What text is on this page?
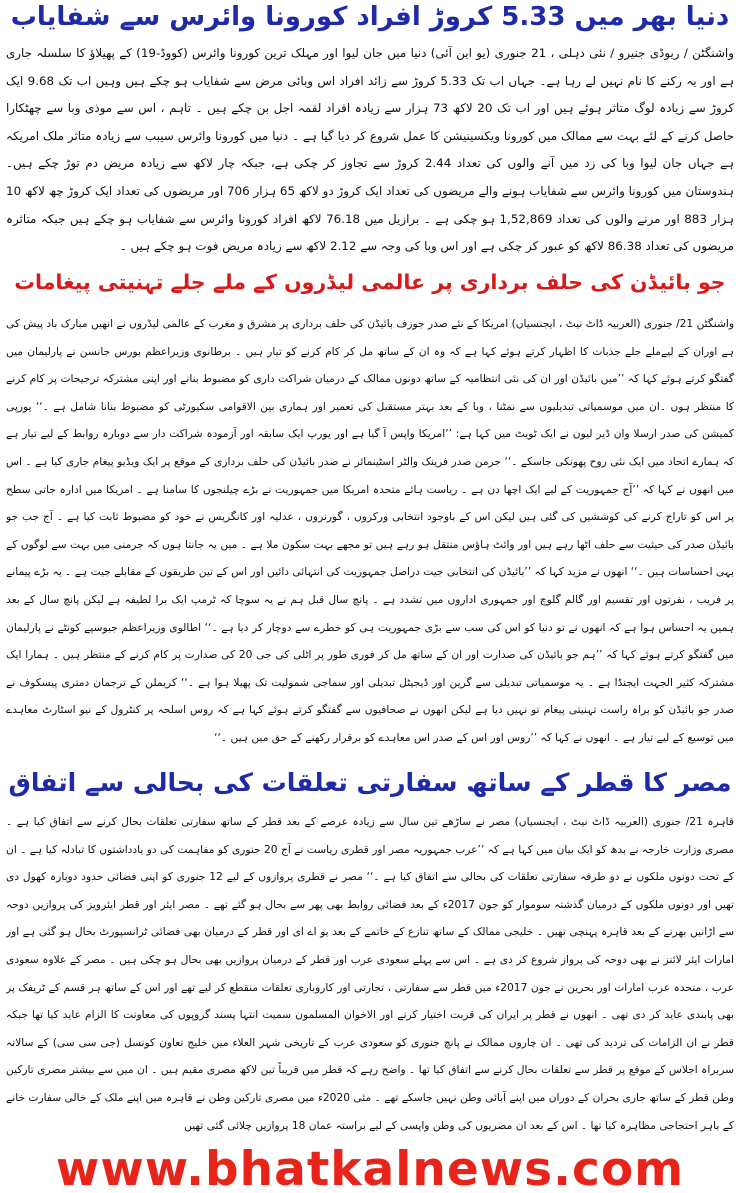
دنیا بھر میں 5.33 کروڑ افراد کورونا وائرس سے شفایاب

واشنگٹن / ریوڈی جنیرو / نئی دہلی ، 21 جنوری (یو این آئی) دنیا میں جان لیوا اور مہلک ترین کورونا وائرس (کووڈ-19) کے پھیلاؤ کا سلسلہ جاری ہے اور یہ رکنے کا نام نہیں لے رہا ہے۔ جہاں اب تک 5.33 کروڑ سے زائد افراد اس وبائی مرض سے شفایاب ہو چکے ہیں وہیں اب تک 9.68 ایک کروڑ سے زیادہ لوگ متاثر ہوئے ہیں اور اب تک 20 لاکھ 73 ہزار سے زیادہ افراد لقمہ اجل بن چکے ہیں ۔ تاہم ، اس سے موذی وبا سے چھٹکارا حاصل کرنے کے لئے بہت سے ممالک میں کورونا ویکسینیشن کا عمل شروع کر دیا گیا ہے ۔ دنیا میں کورونا وائرس سیبب سے زیادہ متاثر ملک امریکہ ہے جہاں جان لیوا وبا کی زد میں آنے والوں کی تعداد 2.44 کروڑ سے تجاوز کر چکی ہے، جبکہ چار لاکھ سے زیادہ مریض دم توڑ چکے ہیں۔ ہندوستان میں کورونا وائرس سے شفایاب ہونے والے مریضوں کی تعداد ایک کروڑ دو لاکھ 65 ہزار 706 اور مریضوں کی تعداد ایک کروڑ چھ لاکھ 10 ہزار 883 اور مرنے والوں کی تعداد 1,52,869 ہو چکی ہے ۔ برازیل میں 76.18 لاکھ افراد کورونا وائرس سے شفایاب ہو چکے ہیں جبکہ متاثرہ مریضوں کی تعداد 86.38 لاکھ کو عبور کر چکی ہے اور اس وبا کی وجہ سے 2.12 لاکھ سے زیادہ مریض فوت ہو چکے ہیں ۔

جو بائیڈن کی حلف برداری پر عالمی لیڈروں کے ملے جلے تہنیتی پیغامات

واشنگٹن 21/ جنوری (العربیہ ڈاٹ نیٹ ، ایجنسیاں) امریکا کے نئے صدر جوزف بائیڈن کی حلف برداری پر مشرق و مغرب کے عالمی لیڈروں نے انھیں مبارک باد پیش کی ہے اوران کے لیےملے جلے جذبات کا اظہار کرتے ہوئے کہا ہے کہ وہ ان کے ساتھ مل کر کام کرنے کو تیار ہیں ۔ برطانوی وزیراعظم بورس جانسن نے پارلیمان میں گفتگو کرتے ہوئے کہا کہ ’’میں بائیڈن اور ان کی نئی انتظامیہ کے ساتھ دونوں ممالک کے درمیان شراکت داری کو مضبوط بنانے اور اپنی مشترکہ ترجیحات پر کام کرنے کا منتظر ہوں ۔ان میں موسمیاتی تبدیلیوں سے نمٹنا ، وبا کے بعد بہتر مستقبل کی تعمیر اور ہماری بین الاقوامی سکیورٹی کو مضبوط بنانا شامل ہے ۔‘‘ یورپی کمیشن کی صدر ارسلا وان ڈیر لیون نے ایک ٹویٹ میں کہا ہے: ’’امریکا واپس آ گیا ہے اور یورپ ایک سابقہ اور آزمودہ شراکت دار سے دوبارہ روابط کے لیے تیار ہے کہ ہمارے اتحاد میں ایک نئی روح پھونکی جاسکے ۔‘‘ جرمن صدر فرینک والٹر اسٹینمائر نے صدر بائیڈن کی حلف برداری کے موقع پر ایک ویڈیو پیغام جاری کیا ہے ۔ اس میں انھوں نے کہا کہ ’’آج جمہوریت کے لیے ایک اچھا دن ہے ۔ ریاست ہائے متحدہ امریکا میں جمہوریت نے بڑے چیلنجوں کا سامنا ہے ۔ امریکا میں ادارہ جاتی سطح پر اس کو تاراج کرنے کی کوششیں کی گئی ہیں لیکن اس کے باوجود انتخابی ورکروں ، گورنروں ، عدلیہ اور کانگریس نے خود کو مضبوط ثابت کیا ہے ۔ آج جب جو بائیڈن صدر کی حیثیت سے حلف اٹھا رہے ہیں اور وائٹ ہاؤس منتقل ہو رہے ہیں تو مجھے بہت سکون ملا ہے ۔ میں یہ جانتا ہوں کہ جرمنی میں بہت سے لوگوں کے یہی احساسات ہیں ۔‘‘ انھوں نے مزید کہا کہ ’’بائیڈن کی انتخابی جیت دراصل جمہوریت کی انتہائی دائیں اور اس کے تین طریقوں کے مقابلے جیت ہے ۔ یہ بڑے پیمانے پر فریب ، نفرتوں اور تقسیم اور گالم گلوچ اور جمہوری اداروں میں تشدد ہے ۔ پانچ سال قبل ہم نے یہ سوچا کہ ٹرمپ ایک برا لطیفہ ہے لیکن پانچ سال کے بعد ہمیں یہ احساس ہوا ہے کہ انھوں نے تو دنیا کو اس کی سب سے بڑی جمہوریت ہی کو خطرے سے دوچار کر دیا ہے ۔‘‘ اطالوی وزیراعظم جیوسپے کونٹے نے پارلیمان میں گفتگو کرتے ہوئے کہا کہ ’’ہم جو بائیڈن کی صدارت اور ان کے ساتھ مل کر فوری طور پر اٹلی کی جی 20 کی صدارت پر کام کرنے کے منتظر ہیں ۔ ہمارا ایک مشترکہ کثیر الجہت ایجنڈا ہے ۔ یہ موسمیاتی تبدیلی سے گرین اور ڈیجیٹل تبدیلی اور سماجی شمولیت تک پھیلا ہوا ہے ۔‘‘ کریملن کے ترجمان دمتری پیسکوف نے صدر جو بائیڈن کو براہ راست تہنیتی پیغام تو نہیں دیا ہے لیکن انھوں نے صحافیوں سے گفتگو کرتے ہوئے کہا ہے کہ روس اسلحہ پر کنٹرول کے نیو اسٹارٹ معاہدے میں توسیع کے لیے تیار ہے ۔ انھوں نے کہا کہ ’’روس اور اس کے صدر اس معاہدے کو برقرار رکھنے کے حق میں ہیں ۔‘‘

مصر کا قطر کے ساتھ سفارتی تعلقات کی بحالی سے اتفاق

قاہرہ 21/ جنوری (العربیہ ڈاٹ نیٹ ، ایجنسیاں) مصر نے ساڑھے تین سال سے زیادہ عرصے کے بعد قطر کے ساتھ سفارتی تعلقات بحال کرنے سے اتفاق کیا ہے ۔ مصری وزارت خارجہ نے بدھ کو ایک بیان میں کہا ہے کہ ’’عرب جمہوریہ مصر اور قطری ریاست نے آج 20 جنوری کو مفاہمت کی دو یادداشتوں کا تبادلہ کیا ہے ۔ ان کے تحت دونوں ملکوں نے دو طرفہ سفارتی تعلقات کی بحالی سے اتفاق کیا ہے ۔‘‘ مصر نے قطری پروازوں کے لیے 12 جنوری کو اپنی فضائی حدود دوبارہ کھول دی تھیں اور دونوں ملکوں کے درمیان گذشتہ سوموار کو جون 2017ء کے بعد فضائی روابط بھی پھر سے بحال ہو گئے تھے ۔ مصر ایئر اور قطر ایئرویز کی پروازیں دوحہ سے اڑانیں بھرنے کے بعد قاہرہ پہنچی تھیں ۔ خلیجی ممالک کے ساتھ تنازع کے خاتمے کے بعد یو اے ای اور قطر کے درمیان بھی فضائی ٹرانسپورٹ بحال ہو گئی ہے اور امارات ایئر لائنز نے بھی دوحہ کی پرواز شروع کر دی ہے ۔ اس سے پہلے سعودی عرب اور قطر کے درمیان پروازیں بھی بحال ہو چکی ہیں ۔ مصر کے علاوہ سعودی عرب ، متحدہ عرب امارات اور بحرین نے جون 2017ء میں قطر سے سفارتی ، تجارتی اور کاروباری تعلقات منقطع کر لیے تھے اور اس کے ساتھ ہر قسم کے ٹریفک پر بھی پابندی عاید کر دی تھی ۔ انھوں نے قطر پر ایران کی قربت اختیار کرنے اور الاخوان المسلمون سمیت انتہا پسند گروپوں کی معاونت کا الزام عاید کیا تھا جبکہ قطر نے ان الزامات کی تردید کی تھی ۔ ان چاروں ممالک نے پانچ جنوری کو سعودی عرب کے تاریخی شہر العلاء میں خلیج تعاون کونسل (جی سی سی) کے سالانہ سربراہ اجلاس کے موقع پر قطر سے تعلقات بحال کرنے سے اتفاق کیا تھا ۔ واضح رہے کہ قطر میں قریباً تین لاکھ مصری مقیم ہیں ۔ ان میں سے بیشتر مصری تارکین وطن قطر کے ساتھ جاری بحران کے دوران میں اپنے آبائی وطن نہیں جاسکے تھے ۔ مئی 2020ء میں مصری تارکین وطن نے قاہرہ میں اپنے ملک کے خالی سفارت خانے کے باہر احتجاجی مظاہرہ کیا تھا ۔ اس کے بعد ان مصریوں کی وطن واپسی کے لیے براستہ عمان 18 پروازیں چلائی گئی تھیں

www.bhatkalnews.com
